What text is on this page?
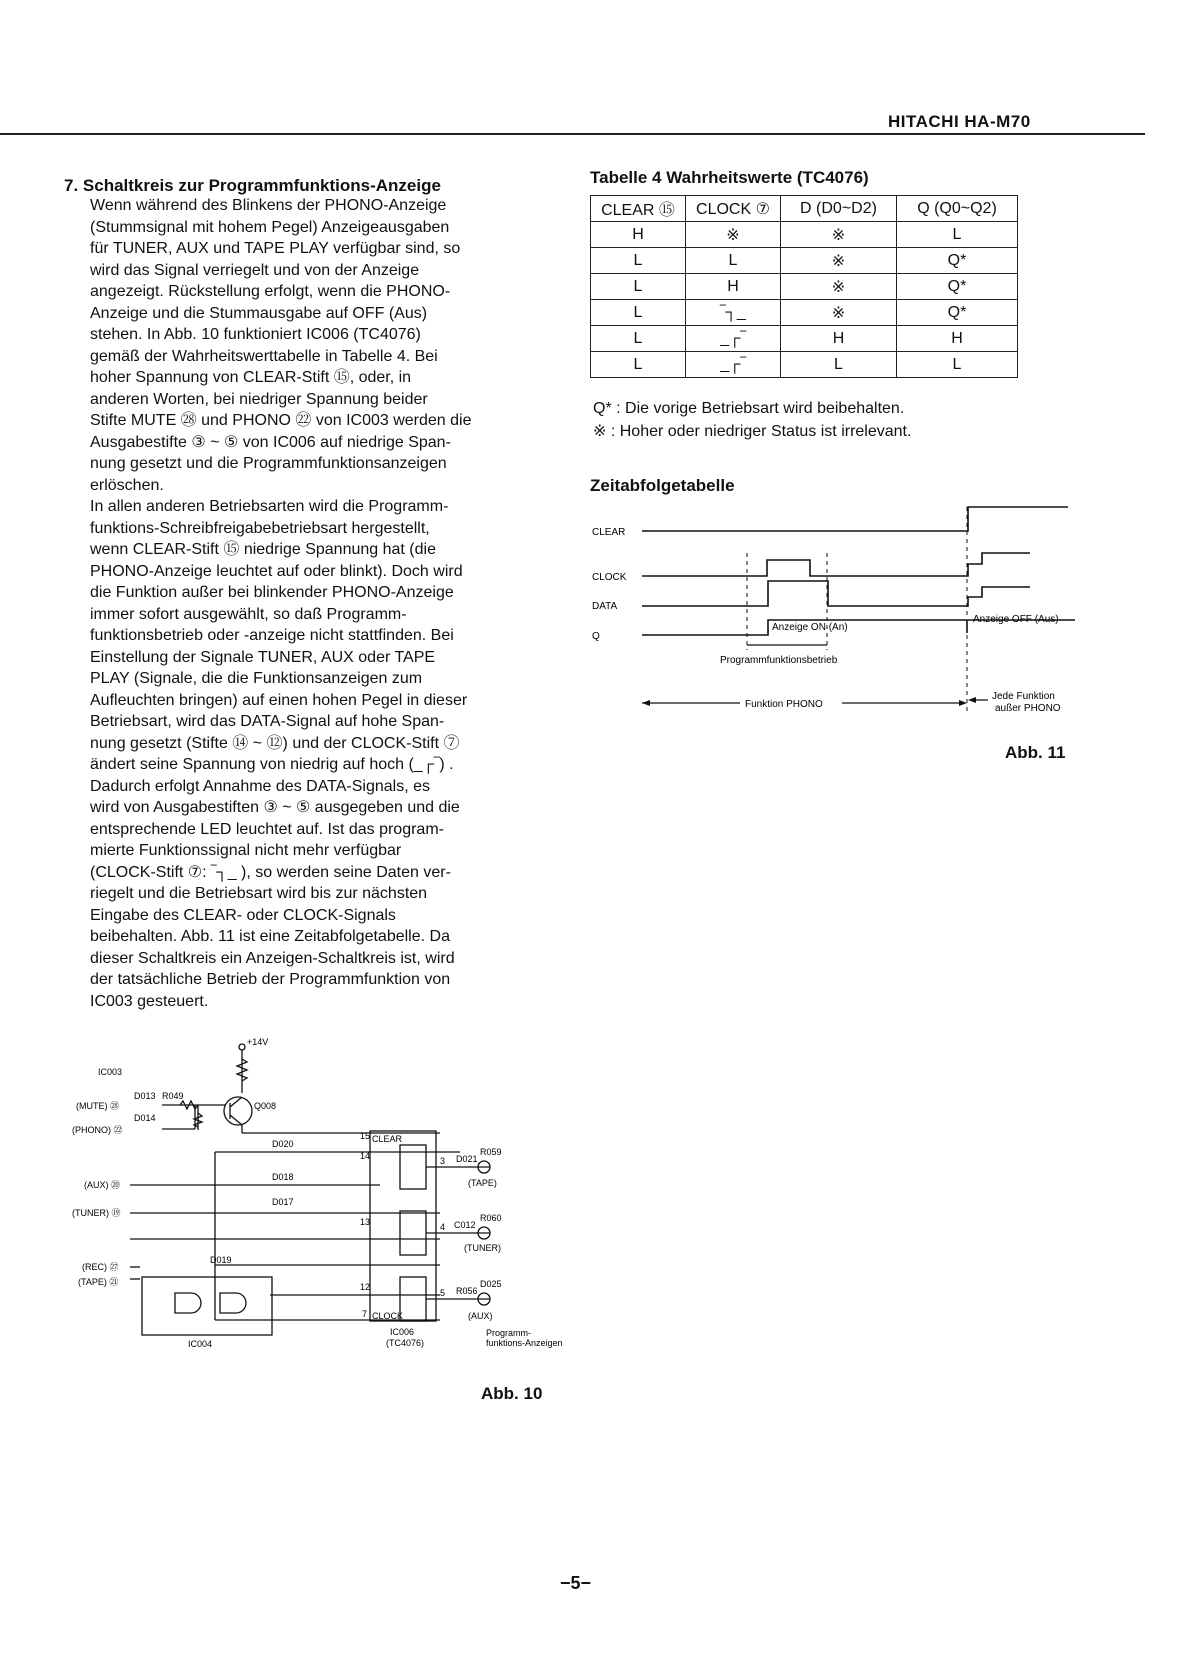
HITACHI HA-M70
7. Schaltkreis zur Programmfunktions-Anzeige
Wenn während des Blinkens der PHONO-Anzeige
(Stummsignal mit hohem Pegel) Anzeigeausgaben
für TUNER, AUX und TAPE PLAY verfügbar sind, so
wird das Signal verriegelt und von der Anzeige
angezeigt. Rückstellung erfolgt, wenn die PHONO-
Anzeige und die Stummausgabe auf OFF (Aus)
stehen. In Abb. 10 funktioniert IC006 (TC4076)
gemäß der Wahrheitswerttabelle in Tabelle 4. Bei
hoher Spannung von CLEAR-Stift ⑮, oder, in
anderen Worten, bei niedriger Spannung beider
Stifte MUTE ㉘ und PHONO ㉒ von IC003 werden die
Ausgabestifte ③ ~ ⑤ von IC006 auf niedrige Span-
nung gesetzt und die Programmfunktionsanzeigen
erlöschen.
In allen anderen Betriebsarten wird die Programm-
funktions-Schreibfreigabebetriebsart hergestellt,
wenn CLEAR-Stift ⑮ niedrige Spannung hat (die
PHONO-Anzeige leuchtet auf oder blinkt). Doch wird
die Funktion außer bei blinkender PHONO-Anzeige
immer sofort ausgewählt, so daß Programm-
funktionsbetrieb oder -anzeige nicht stattfinden. Bei
Einstellung der Signale TUNER, AUX oder TAPE
PLAY (Signale, die die Funktionsanzeigen zum
Aufleuchten bringen) auf einen hohen Pegel in dieser
Betriebsart, wird das DATA-Signal auf hohe Span-
nung gesetzt (Stifte ⑭ ~ ⑫) und der CLOCK-Stift ⑦
ändert seine Spannung von niedrig auf hoch (_┌‾) .
Dadurch erfolgt Annahme des DATA-Signals, es
wird von Ausgabestiften ③ ~ ⑤ ausgegeben und die
entsprechende LED leuchtet auf. Ist das program-
mierte Funktionssignal nicht mehr verfügbar
(CLOCK-Stift ⑦: ‾┐_ ), so werden seine Daten ver-
riegelt und die Betriebsart wird bis zur nächsten
Eingabe des CLEAR- oder CLOCK-Signals
beibehalten. Abb. 11 ist eine Zeitabfolgetabelle. Da
dieser Schaltkreis ein Anzeigen-Schaltkreis ist, wird
der tatsächliche Betrieb der Programmfunktion von
IC003 gesteuert.
Tabelle 4 Wahrheitswerte (TC4076)
CLEAR ⑮	CLOCK ⑦	D (D0~D2)	Q (Q0~Q2)
H	※	※	L
L	L	※	Q*
L	H	※	Q*
L	‾┐_	※	Q*
L	_┌‾	H	H
L	_┌‾	L	L
Q* : Die vorige Betriebsart wird beibehalten.
※ : Hoher oder niedriger Status ist irrelevant.
Zeitabfolgetabelle
CLEAR
CLOCK
DATA
Q
Anzeige ON (An)
Anzeige OFF (Aus)
Programmfunktionsbetrieb
Funktion PHONO
Jede Funktion
außer PHONO
Abb. 11
+14V
IC003
(MUTE) ㉘
(PHONO) ㉒
(AUX) ⑳
(TUNER) ⑲
(REC) ㉗
(TAPE) ㉑
D013 R049
D014
Q008
D020
D018
D017
D019
IC004
CLEAR
CLOCK
15
14
13
12
7
3
4
5
D021
C012
R056
R059
R060
D025
(TAPE)
(TUNER)
(AUX)
IC006
(TC4076)
Programm-
funktions-Anzeigen
Abb. 10
−5−
